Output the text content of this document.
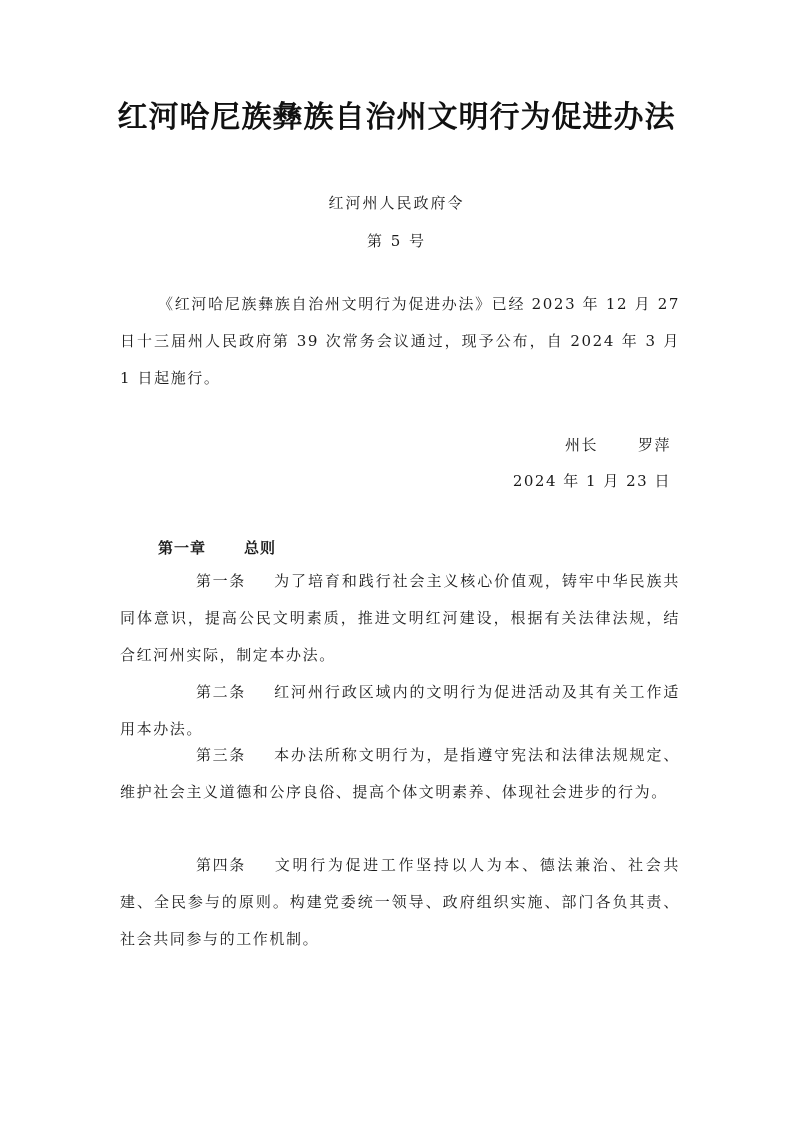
红河哈尼族彝族自治州文明行为促进办法
红河州人民政府令
第 5 号

《红河哈尼族彝族自治州文明行为促进办法》已经 2023 年 12 月 27 日十三届州人民政府第 39 次常务会议通过，现予公布，自 2024 年 3 月 1 日起施行。

州长	罗萍
2024 年 1 月 23 日
第一章	总则

第一条 为了培育和践行社会主义核心价值观，铸牢中华民族共同体意识，提高公民文明素质，推进文明红河建设，根据有关法律法规，结合红河州实际，制定本办法。

第二条 红河州行政区域内的文明行为促进活动及其有关工作适用本办法。

第三条 本办法所称文明行为，是指遵守宪法和法律法规规定、维护社会主义道德和公序良俗、提高个体文明素养、体现社会进步的行为。

第四条 文明行为促进工作坚持以人为本、德法兼治、社会共建、全民参与的原则。构建党委统一领导、政府组织实施、部门各负其责、社会共同参与的工作机制。
